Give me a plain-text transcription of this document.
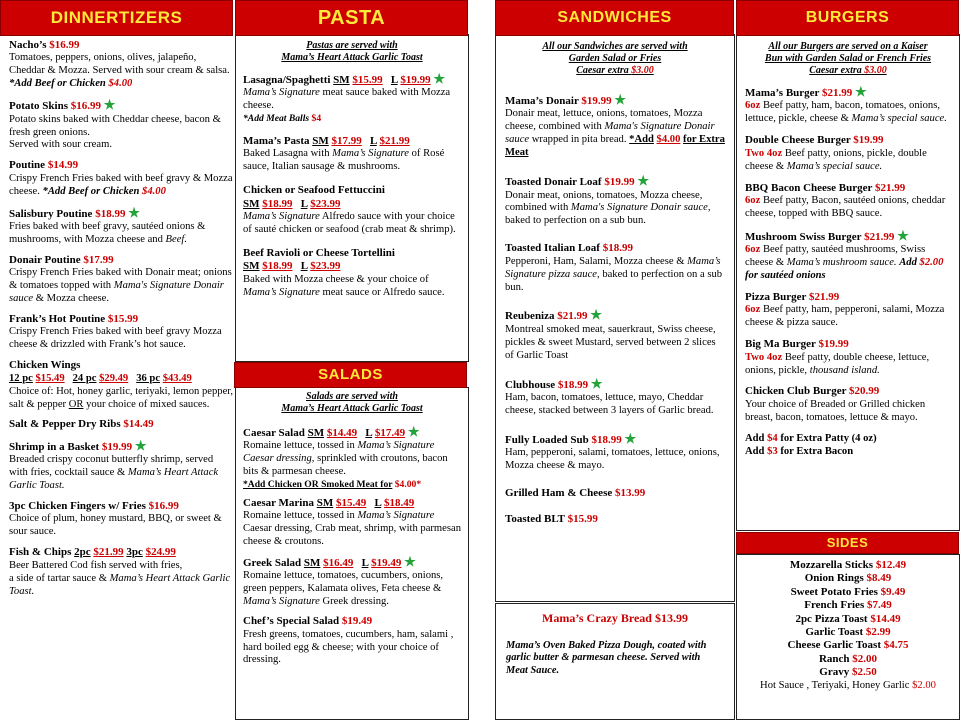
DINNERTIZERS
Nacho’s $16.99
Tomatoes, peppers, onions, olives, jalapeño, Cheddar & Mozza. Served with sour cream & salsa. *Add Beef or Chicken $4.00
Potato Skins $16.99 ★
Potato skins baked with Cheddar cheese, bacon & fresh green onions.
Served with sour cream.
Poutine $14.99
Crispy French Fries baked with beef gravy & Mozza cheese. *Add Beef or Chicken $4.00
Salisbury Poutine $18.99 ★
Fries baked with beef gravy, sautéed onions & mushrooms, with Mozza cheese and Beef.
Donair Poutine $17.99
Crispy French Fries baked with Donair meat; onions & tomatoes topped with Mama's Signature Donair sauce & Mozza cheese.
Frank’s Hot Poutine $15.99
Crispy French Fries baked with beef gravy Mozza cheese & drizzled with Frank’s hot sauce.
Chicken Wings
12 pc $15.49 24 pc $29.49 36 pc $43.49
Choice of: Hot, honey garlic, teriyaki, lemon pepper, salt & pepper OR your choice of mixed sauces.
Salt & Pepper Dry Ribs $14.49
Shrimp in a Basket $19.99 ★
Breaded crispy coconut butterfly shrimp, served with fries, cocktail sauce & Mama’s Heart Attack Garlic Toast.
3pc Chicken Fingers w/ Fries $16.99
Choice of plum, honey mustard, BBQ, or sweet & sour sauce.
Fish & Chips 2pc $21.99 3pc $24.99
Beer Battered Cod fish served with fries,
a side of tartar sauce & Mama’s Heart Attack Garlic Toast.
PASTA
Pastas are served with
Mama’s Heart Attack Garlic Toast
Lasagna/Spaghetti SM $15.99 L $19.99 ★
Mama’s Signature meat sauce baked with Mozza cheese.
*Add Meat Balls $4
Mama’s Pasta SM $17.99 L $21.99
Baked Lasagna with Mama’s Signature of Rosé sauce, Italian sausage & mushrooms.
Chicken or Seafood Fettuccini
SM $18.99 L $23.99
Mama’s Signature Alfredo sauce with your choice of sauté chicken or seafood (crab meat & shrimp).
Beef Ravioli or Cheese Tortellini
SM $18.99 L $23.99
Baked with Mozza cheese & your choice of Mama’s Signature meat sauce or Alfredo sauce.
SALADS
Salads are served with
Mama’s Heart Attack Garlic Toast
Caesar Salad SM $14.49 L $17.49 ★
Romaine lettuce, tossed in Mama’s Signature Caesar dressing, sprinkled with croutons, bacon bits & parmesan cheese.
*Add Chicken OR Smoked Meat for $4.00*
Caesar Marina SM $15.49 L $18.49
Romaine lettuce, tossed in Mama’s Signature Caesar dressing, Crab meat, shrimp, with parmesan cheese & croutons.
Greek Salad SM $16.49 L $19.49 ★
Romaine lettuce, tomatoes, cucumbers, onions, green peppers, Kalamata olives, Feta cheese & Mama’s Signature Greek dressing.
Chef’s Special Salad $19.49
Fresh greens, tomatoes, cucumbers, ham, salami , hard boiled egg & cheese; with your choice of dressing.
SANDWICHES
All our Sandwiches are served with
Garden Salad or Fries
Caesar extra $3.00
Mama’s Donair $19.99 ★
Donair meat, lettuce, onions, tomatoes, Mozza cheese, combined with Mama's Signature Donair sauce wrapped in pita bread. *Add $4.00 for Extra Meat
Toasted Donair Loaf $19.99 ★
Donair meat, onions, tomatoes, Mozza cheese, combined with Mama's Signature Donair sauce, baked to perfection on a sub bun.
Toasted Italian Loaf $18.99
Pepperoni, Ham, Salami, Mozza cheese & Mama’s Signature pizza sauce, baked to perfection on a sub bun.
Reubeniza $21.99 ★
Montreal smoked meat, sauerkraut, Swiss cheese, pickles & sweet Mustard, served between 2 slices of Garlic Toast
Clubhouse $18.99 ★
Ham, bacon, tomatoes, lettuce, mayo, Cheddar cheese, stacked between 3 layers of Garlic bread.
Fully Loaded Sub $18.99 ★
Ham, pepperoni, salami, tomatoes, lettuce, onions, Mozza cheese & mayo.
Grilled Ham & Cheese $13.99
Toasted BLT $15.99
Mama’s Crazy Bread $13.99
Mama’s Oven Baked Pizza Dough, coated with garlic butter & parmesan cheese. Served with Meat Sauce.
BURGERS
All our Burgers are served on a Kaiser
Bun with Garden Salad or French Fries
Caesar extra $3.00
Mama’s Burger $21.99 ★
6oz Beef patty, ham, bacon, tomatoes, onions, lettuce, pickle, cheese & Mama’s special sauce.
Double Cheese Burger $19.99
Two 4oz Beef patty, onions, pickle, double cheese & Mama’s special sauce.
BBQ Bacon Cheese Burger $21.99
6oz Beef patty, Bacon, sautéed onions, cheddar cheese, topped with BBQ sauce.
Mushroom Swiss Burger $21.99 ★
6oz Beef patty, sautéed mushrooms, Swiss cheese & Mama’s mushroom sauce. Add $2.00 for sautéed onions
Pizza Burger $21.99
6oz Beef patty, ham, pepperoni, salami, Mozza cheese & pizza sauce.
Big Ma Burger $19.99
Two 4oz Beef patty, double cheese, lettuce, onions, pickle, thousand island.
Chicken Club Burger $20.99
Your choice of Breaded or Grilled chicken breast, bacon, tomatoes, lettuce & mayo.
Add $4 for Extra Patty (4 oz)
Add $3 for Extra Bacon
SIDES
Mozzarella Sticks $12.49
Onion Rings $8.49
Sweet Potato Fries $9.49
French Fries $7.49
2pc Pizza Toast $14.49
Garlic Toast $2.99
Cheese Garlic Toast $4.75
Ranch $2.00
Gravy $2.50
Hot Sauce , Teriyaki, Honey Garlic $2.00
